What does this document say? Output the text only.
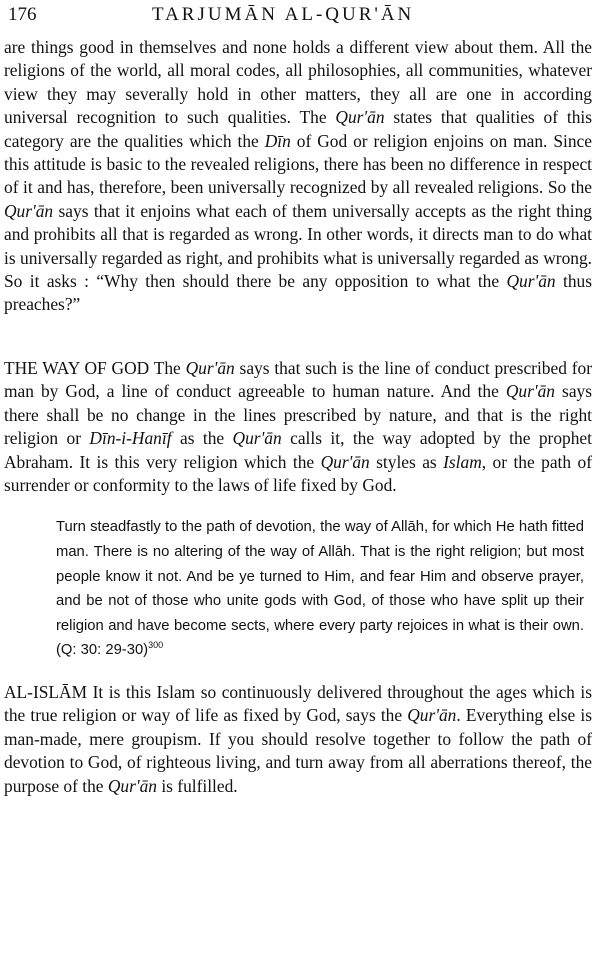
176	TARJUMĀN AL-QUR'ĀN

are things good in themselves and none holds a different view about them. All the religions of the world, all moral codes, all philosophies, all communities, whatever view they may severally hold in other matters, they all are one in according universal recognition to such qualities. The Qur'ān states that qualities of this category are the qualities which the Dīn of God or religion enjoins on man. Since this attitude is basic to the revealed religions, there has been no difference in respect of it and has, therefore, been universally recognized by all revealed religions. So the Qur'ān says that it enjoins what each of them universally accepts as the right thing and prohibits all that is regarded as wrong. In other words, it directs man to do what is universally regarded as right, and prohibits what is universally regarded as wrong. So it asks : “Why then should there be any opposition to what the Qur'ān thus preaches?”

THE WAY OF GOD The Qur'ān says that such is the line of conduct prescribed for man by God, a line of conduct agreeable to human nature. And the Qur'ān says there shall be no change in the lines prescribed by nature, and that is the right religion or Dīn-i-Hanīf as the Qur'ān calls it, the way adopted by the prophet Abraham. It is this very religion which the Qur'ān styles as Islam, or the path of surrender or conformity to the laws of life fixed by God.

Turn steadfastly to the path of devotion, the way of Allāh, for which He hath fitted man. There is no altering of the way of Allāh. That is the right religion; but most people know it not. And be ye turned to Him, and fear Him and observe prayer, and be not of those who unite gods with God, of those who have split up their religion and have become sects, where every party rejoices in what is their own. (Q: 30: 29-30)$^{300}$

AL-ISLĀM It is this Islam so continuously delivered throughout the ages which is the true religion or way of life as fixed by God, says the Qur'ān. Everything else is man-made, mere groupism. If you should resolve together to follow the path of devotion to God, of righteous living, and turn away from all aberrations thereof, the purpose of the Qur'ān is fulfilled.
